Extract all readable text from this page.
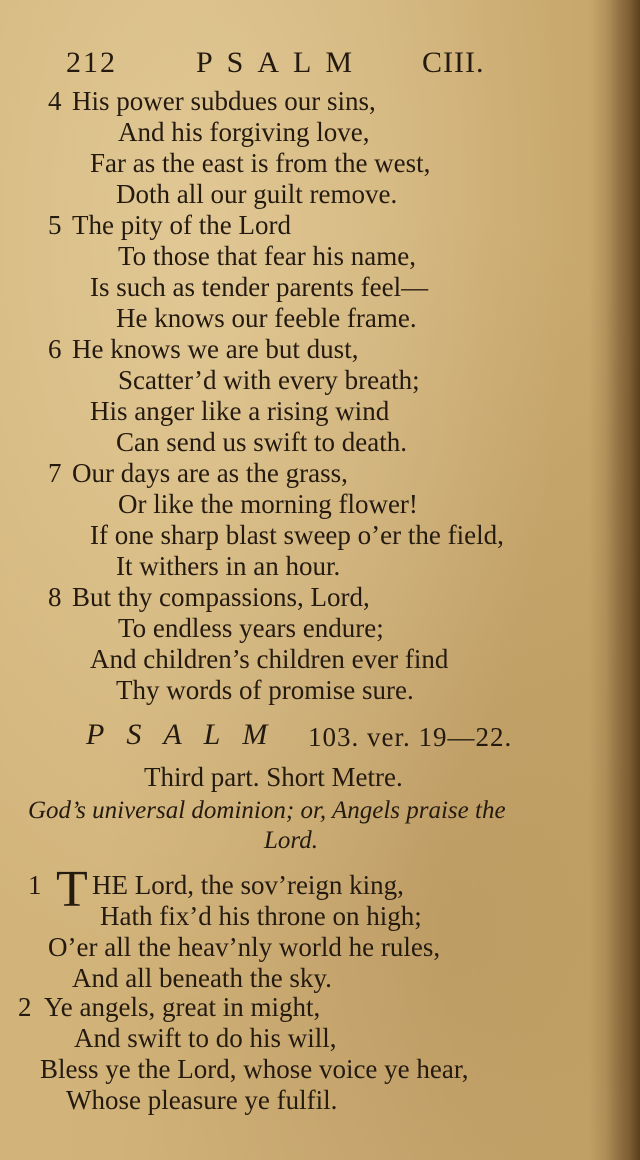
212	PSALM CIII.
4 His power subdues our sins,
And his forgiving love,
Far as the east is from the west,
Doth all our guilt remove.
5 The pity of the Lord
To those that fear his name,
Is such as tender parents feel—
He knows our feeble frame.
6 He knows we are but dust,
Scatter’d with every breath;
His anger like a rising wind
Can send us swift to death.
7 Our days are as the grass,
Or like the morning flower!
If one sharp blast sweep o’er the field,
It withers in an hour.
8 But thy compassions, Lord,
To endless years endure;
And children’s children ever find
Thy words of promise sure.
PSALM 103. ver. 19—22.
Third part. Short Metre.
God’s universal dominion; or, Angels praise the
Lord.
1 T HE Lord, the sov’reign king,
Hath fix’d his throne on high;
O’er all the heav’nly world he rules,
And all beneath the sky.
2 Ye angels, great in might,
And swift to do his will,
Bless ye the Lord, whose voice ye hear,
Whose pleasure ye fulfil.
